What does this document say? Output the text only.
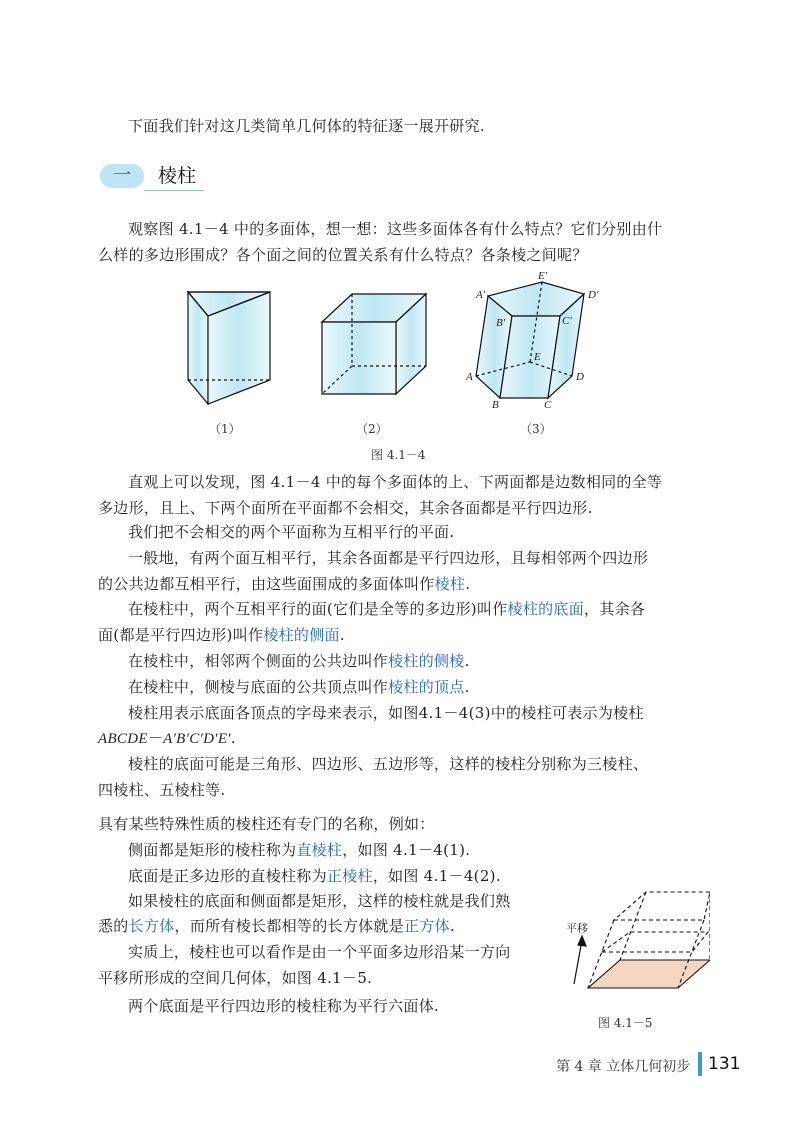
下面我们针对这几类简单几何体的特征逐一展开研究.
一	棱柱
观察图 4.1－4 中的多面体，想一想：这些多面体各有什么特点？它们分别由什
么样的多边形围成？各个面之间的位置关系有什么特点？各条棱之间呢？
E′
A′	D′
B′	C′
E
A	D
B	C
（1）	（2）	（3）
图 4.1－4
直观上可以发现，图 4.1－4 中的每个多面体的上、下两面都是边数相同的全等
多边形，且上、下两个面所在平面都不会相交，其余各面都是平行四边形.
我们把不会相交的两个平面称为互相平行的平面.
一般地，有两个面互相平行，其余各面都是平行四边形，且每相邻两个四边形
的公共边都互相平行，由这些面围成的多面体叫作棱柱.
在棱柱中，两个互相平行的面(它们是全等的多边形)叫作棱柱的底面，其余各
面(都是平行四边形)叫作棱柱的侧面.
在棱柱中，相邻两个侧面的公共边叫作棱柱的侧棱.
在棱柱中，侧棱与底面的公共顶点叫作棱柱的顶点.
棱柱用表示底面各顶点的字母来表示，如图4.1－4(3)中的棱柱可表示为棱柱
ABCDE－A′B′C′D′E′.
棱柱的底面可能是三角形、四边形、五边形等，这样的棱柱分别称为三棱柱、
四棱柱、五棱柱等.
具有某些特殊性质的棱柱还有专门的名称，例如：
侧面都是矩形的棱柱称为直棱柱，如图 4.1－4(1).
底面是正多边形的直棱柱称为正棱柱，如图 4.1－4(2).
如果棱柱的底面和侧面都是矩形，这样的棱柱就是我们熟
悉的长方体，而所有棱长都相等的长方体就是正方体.
实质上，棱柱也可以看作是由一个平面多边形沿某一方向
平移所形成的空间几何体，如图 4.1－5.
两个底面是平行四边形的棱柱称为平行六面体.
平移
图 4.1－5
第 4 章 立体几何初步 131
